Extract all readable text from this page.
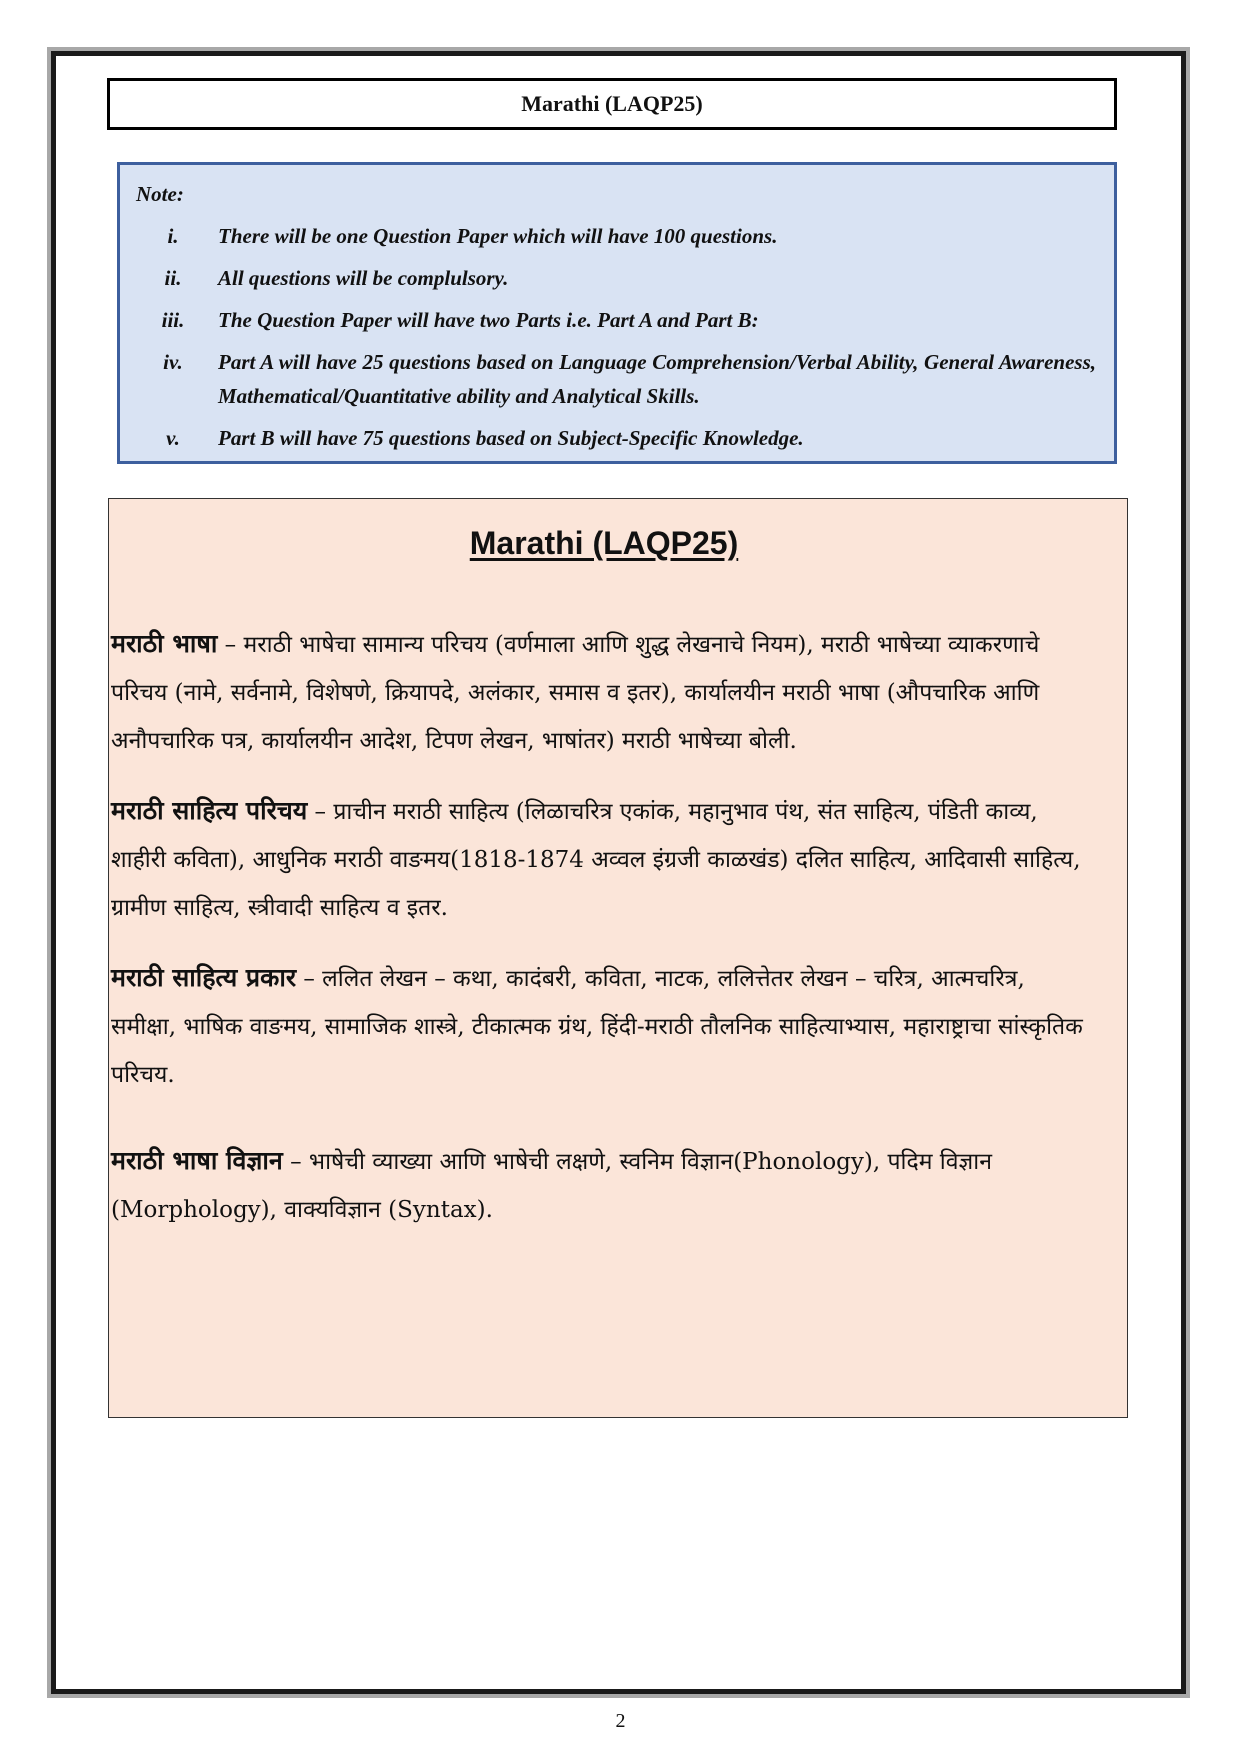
Marathi (LAQP25)
Note:
i.	There will be one Question Paper which will have 100 questions.
ii.	All questions will be complulsory.
iii.	The Question Paper will have two Parts i.e. Part A and Part B:
iv.	Part A will have 25 questions based on Language Comprehension/Verbal Ability, General Awareness, Mathematical/Quantitative ability and Analytical Skills.
v.	Part B will have 75 questions based on Subject-Specific Knowledge.
Marathi (LAQP25)

मराठी भाषा – मराठी भाषेचा सामान्य परिचय (वर्णमाला आणि शुद्ध लेखनाचे नियम), मराठी भाषेच्या व्याकरणाचे परिचय (नामे, सर्वनामे, विशेषणे, क्रियापदे, अलंकार, समास व इतर), कार्यालयीन मराठी भाषा (औपचारिक आणि अनौपचारिक पत्र, कार्यालयीन आदेश, टिपण लेखन, भाषांतर) मराठी भाषेच्या बोली.

मराठी साहित्य परिचय – प्राचीन मराठी साहित्य (लिळाचरित्र एकांक, महानुभाव पंथ, संत साहित्य, पंडिती काव्य, शाहीरी कविता), आधुनिक मराठी वाङमय(1818-1874 अव्वल इंग्रजी काळखंड) दलित साहित्य, आदिवासी साहित्य, ग्रामीण साहित्य, स्त्रीवादी साहित्य व इतर.

मराठी साहित्य प्रकार – ललित लेखन – कथा, कादंबरी, कविता, नाटक, ललित्तेतर लेखन – चरित्र, आत्मचरित्र, समीक्षा, भाषिक वाङमय, सामाजिक शास्त्रे, टीकात्मक ग्रंथ, हिंदी-मराठी तौलनिक साहित्याभ्यास, महाराष्ट्राचा सांस्कृतिक परिचय.

मराठी भाषा विज्ञान – भाषेची व्याख्या आणि भाषेची लक्षणे, स्वनिम विज्ञान(Phonology), पदिम विज्ञान (Morphology), वाक्यविज्ञान (Syntax).

2
